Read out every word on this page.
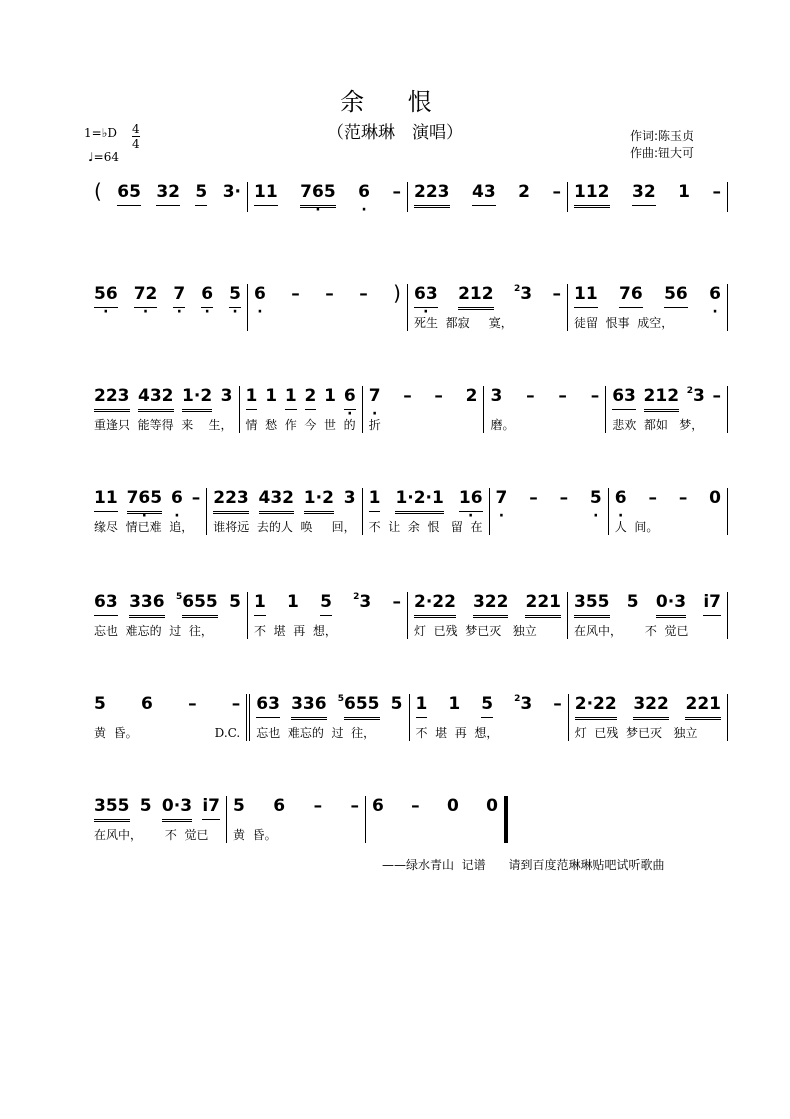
余 恨
（范琳琳　演唱）
1=♭D $\frac{4}{4}$
♩=64
作词:陈玉贞
作曲:钮大可
( 65 32 5 3· 11 765 · 6 · – 223 43 2 – 112 32 1 –
56 · 72 · 7 · 6 · 5 · 6 · – – – ) 63 · 212 2 3 –
死生  都寂     寞，
11 76 56 6 ·
徒留  恨事  成空，
223 432 1·2 3
重逢只  能等得  来    生，
1 1 1 2 1 6 ·
情  愁  作  今  世  的
7 · – – 2
折
3 – – –
磨。
63 212 2 3 –
悲欢  都如   梦，
11 765 · 6 · –
缘尽  情已难  追，
223 432 1·2 3
谁将远  去的人  唤     回，
1 1·2·1 16 ·
不  让  余  恨   留  在
7 · – – 5 · 6 · – – 0
人  间。
63 336 5 655 5
忘也  难忘的  过  往，
1 1 5 2 3 –
不  堪  再  想，
2·22 322 221
灯  已残  梦已灭   独立
355 5 0·3 i7
在风中，      不  觉已
5 6 – –
黄  昏。	D.C.
63 336 5 655 5
忘也  难忘的  过  往，
1 1 5 2 3 –
不  堪  再  想，
2·22 322 221
灯  已残  梦已灭   独立
355 5 0·3 i7
在风中，      不  觉已
5 6 – –
黄  昏。
6 – 0 0
——绿水青山  记谱      请到百度范琳琳贴吧试听歌曲
